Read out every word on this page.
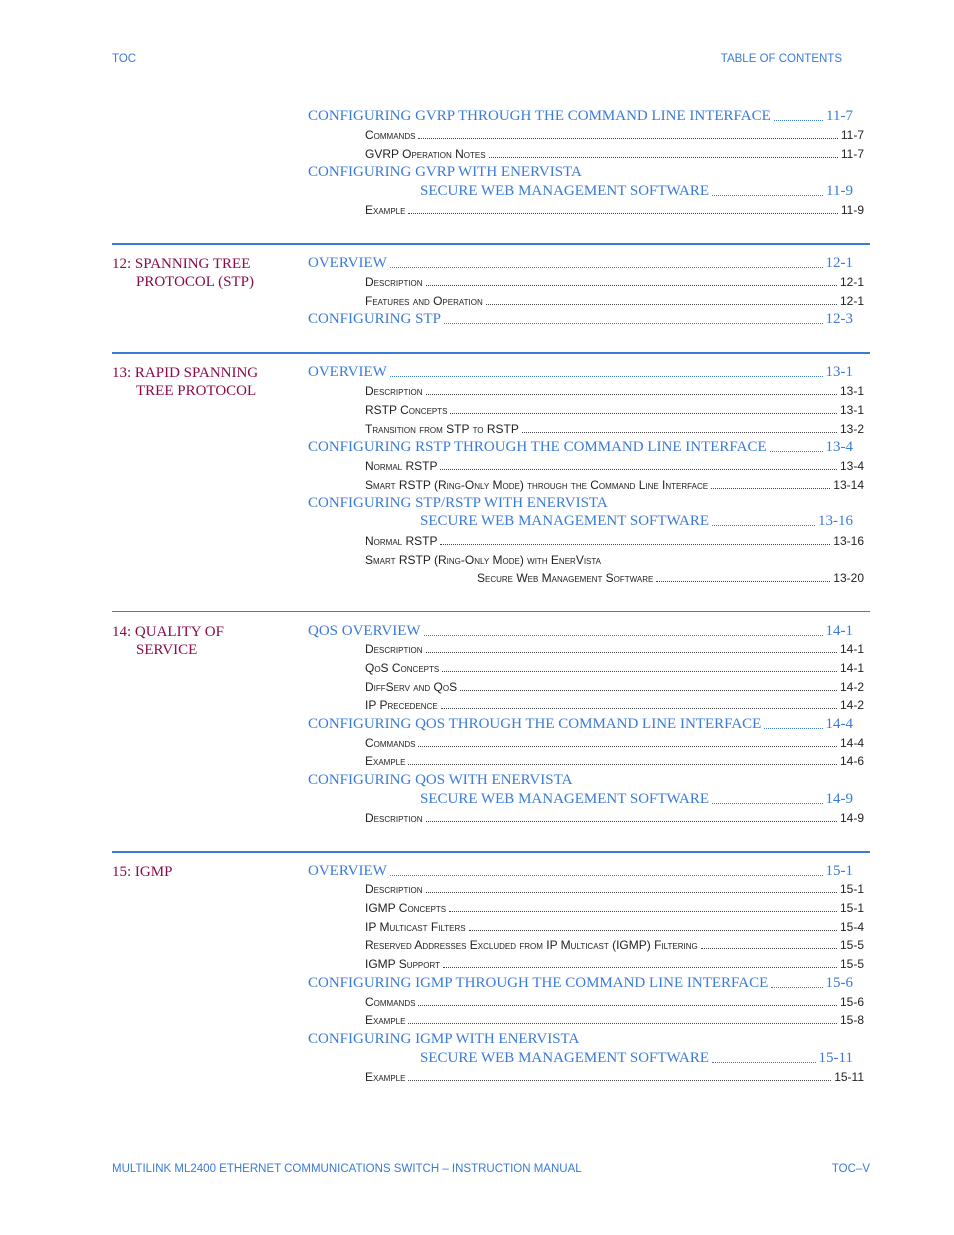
TOC	TABLE OF CONTENTS
CONFIGURING GVRP THROUGH THE COMMAND LINE INTERFACE	11-7
Commands	11-7
GVRP Operation Notes	11-7
CONFIGURING GVRP WITH ENERVISTA
SECURE WEB MANAGEMENT SOFTWARE	11-9
Example	11-9
12: SPANNING TREE
PROTOCOL (STP)
OVERVIEW	12-1
Description	12-1
Features and Operation	12-1
CONFIGURING STP	12-3
13: RAPID SPANNING
TREE PROTOCOL
OVERVIEW	13-1
Description	13-1
RSTP Concepts	13-1
Transition from STP to RSTP	13-2
CONFIGURING RSTP THROUGH THE COMMAND LINE INTERFACE	13-4
Normal RSTP	13-4
Smart RSTP (Ring-Only Mode) through the Command Line Interface	13-14
CONFIGURING STP/RSTP WITH ENERVISTA
SECURE WEB MANAGEMENT SOFTWARE	13-16
Normal RSTP	13-16
Smart RSTP (Ring-Only Mode) with EnerVista
Secure Web Management Software	13-20
14: QUALITY OF
SERVICE
QOS OVERVIEW	14-1
Description	14-1
QoS Concepts	14-1
DiffServ and QoS	14-2
IP Precedence	14-2
CONFIGURING QOS THROUGH THE COMMAND LINE INTERFACE	14-4
Commands	14-4
Example	14-6
CONFIGURING QOS WITH ENERVISTA
SECURE WEB MANAGEMENT SOFTWARE	14-9
Description	14-9
15: IGMP	OVERVIEW	15-1
Description	15-1
IGMP Concepts	15-1
IP Multicast Filters	15-4
Reserved Addresses Excluded from IP Multicast (IGMP) Filtering	15-5
IGMP Support	15-5
CONFIGURING IGMP THROUGH THE COMMAND LINE INTERFACE	15-6
Commands	15-6
Example	15-8
CONFIGURING IGMP WITH ENERVISTA
SECURE WEB MANAGEMENT SOFTWARE	15-11
Example	15-11
MULTILINK ML2400 ETHERNET COMMUNICATIONS SWITCH – INSTRUCTION MANUAL	TOC–V
